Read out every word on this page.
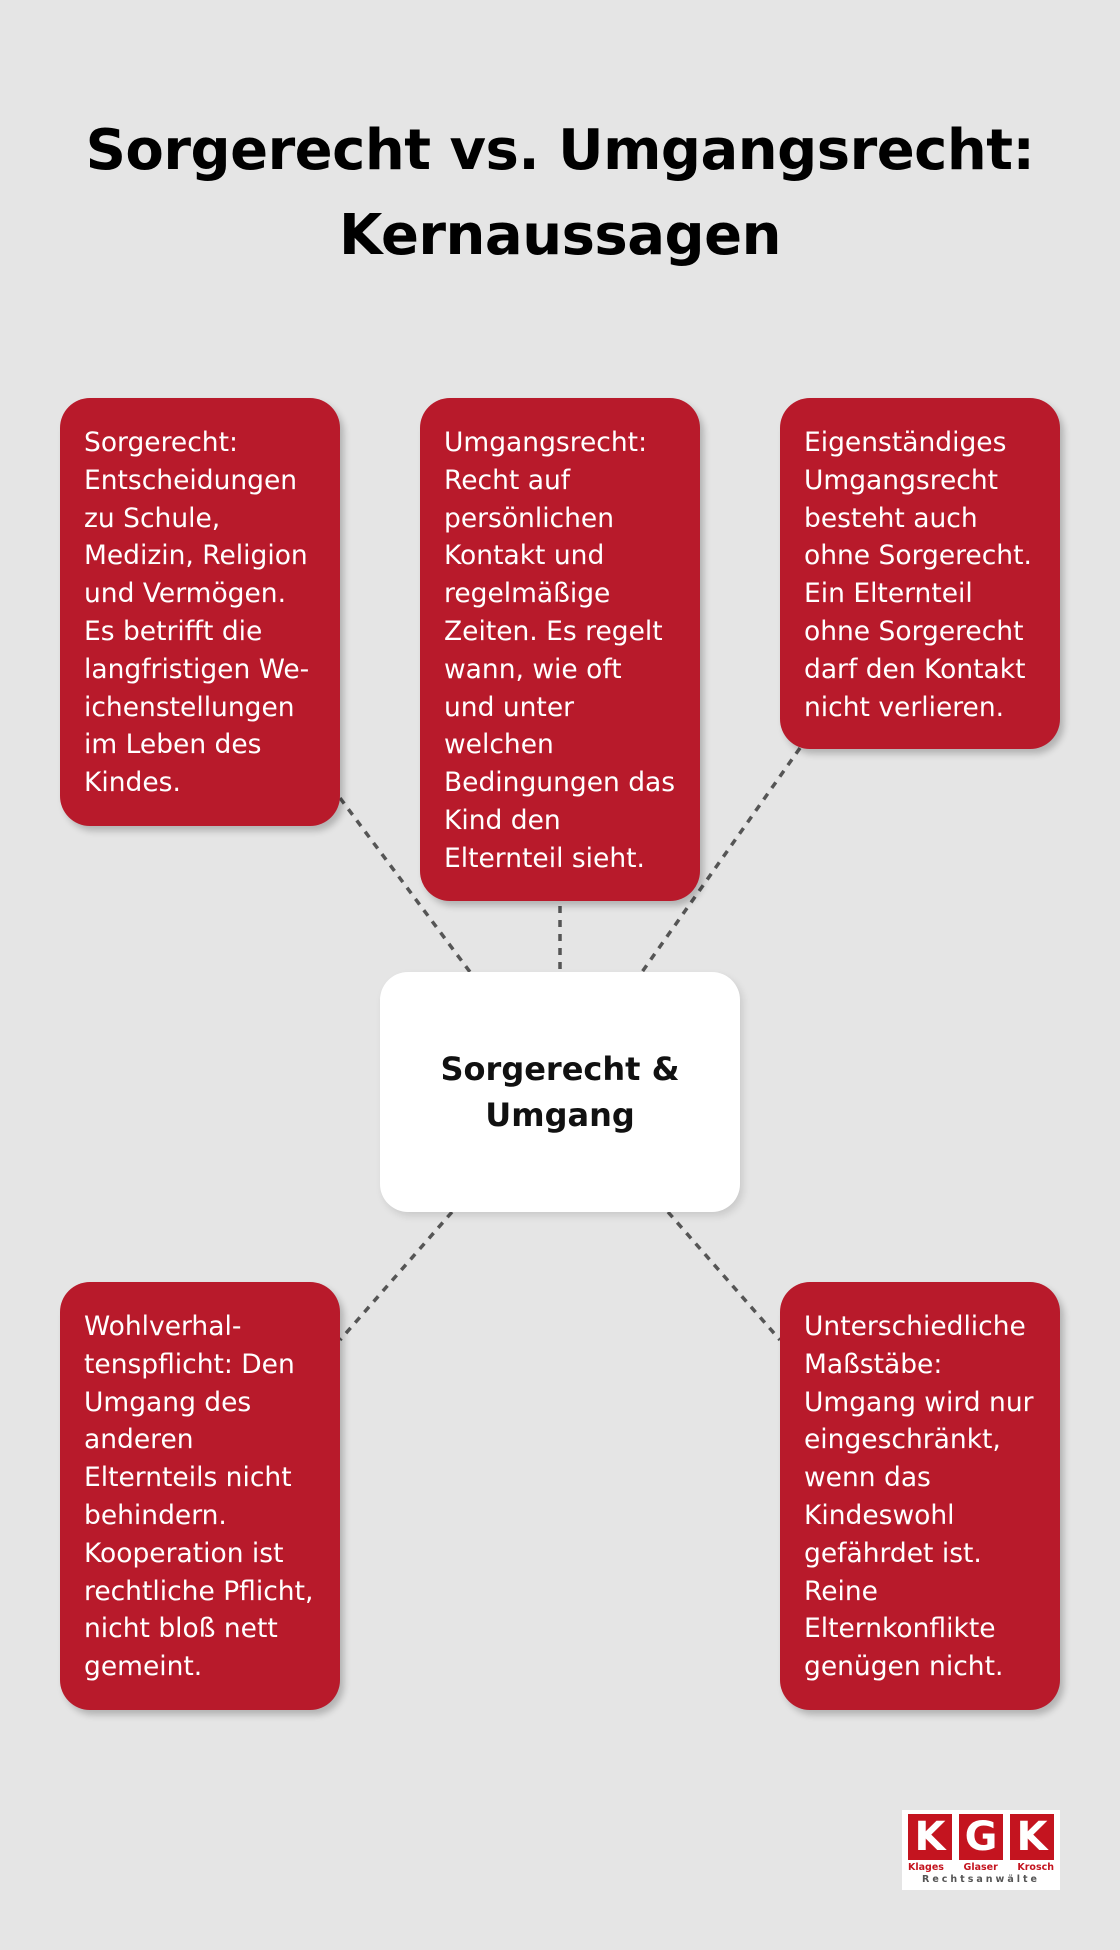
Sorgerecht vs. Umgangsrecht:
Kernaussagen
Sorgerecht: Entscheidungen zu Schule, Medizin, Religion und Vermögen. Es betrifft die langfristigen Weichenstellungen im Leben des Kindes.
Umgangsrecht: Recht auf persönlichen Kontakt und regelmäßige Zeiten. Es regelt wann, wie oft und unter welchen Bedingungen das Kind den Elternteil sieht.
Eigenständiges Umgangsrecht besteht auch ohne Sorgerecht. Ein Elternteil ohne Sorgerecht darf den Kontakt nicht verlieren.
Sorgerecht & Umgang
Wohlverhaltenspflicht: Den Umgang des anderen Elternteils nicht behindern. Kooperation ist rechtliche Pflicht, nicht bloß nett gemeint.
Unterschiedliche Maßstäbe: Umgang wird nur eingeschränkt, wenn das Kindeswohl gefährdet ist. Reine Elternkonflikte genügen nicht.
K G K
Klages Glaser Krosch
Rechtsanwälte
